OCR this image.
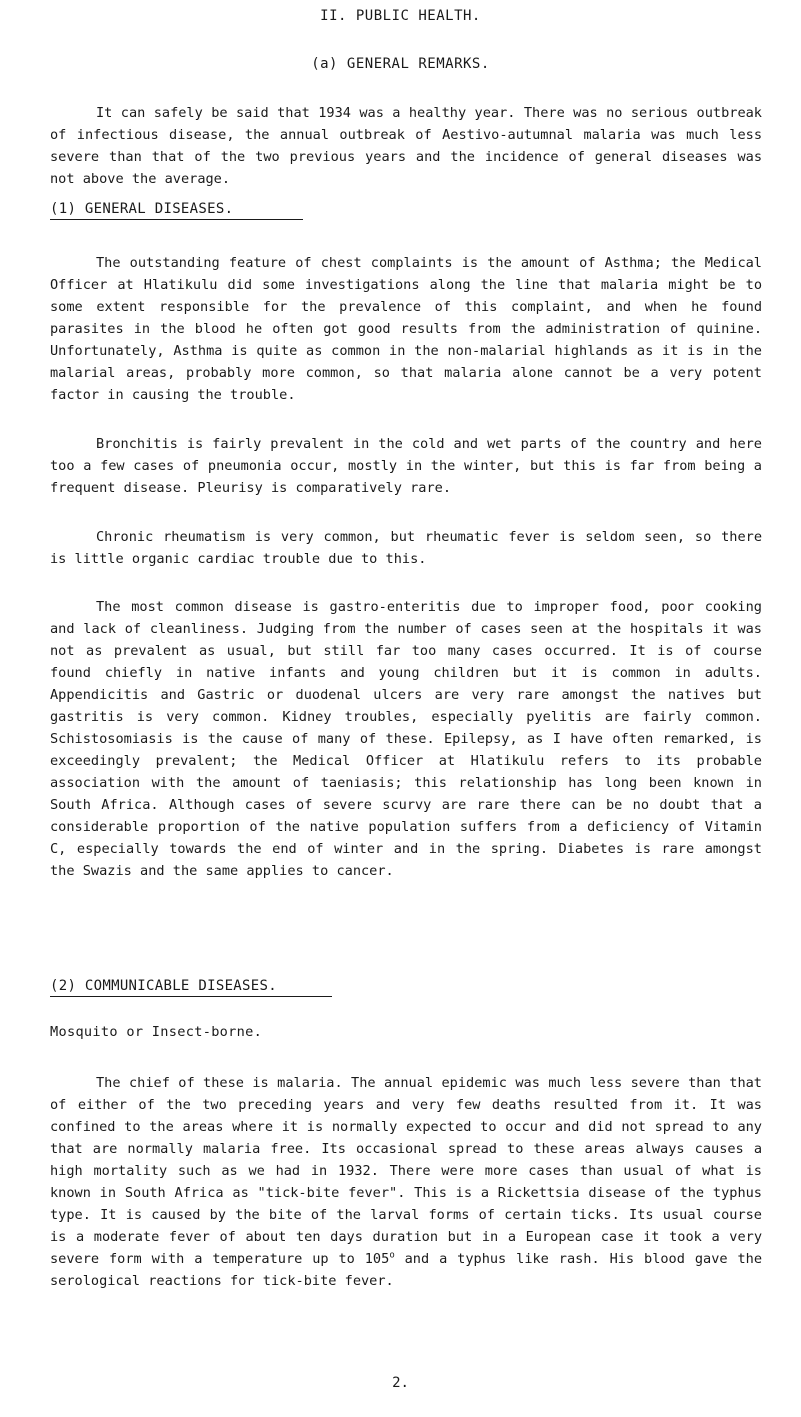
II. PUBLIC HEALTH.
(a) GENERAL REMARKS.

It can safely be said that 1934 was a healthy year. There was no serious outbreak of infectious disease, the annual outbreak of Aestivo-autumnal malaria was much less severe than that of the two previous years and the incidence of general diseases was not above the average.

(1) GENERAL DISEASES.

The outstanding feature of chest complaints is the amount of Asthma; the Medical Officer at Hlatikulu did some investigations along the line that malaria might be to some extent responsible for the prevalence of this complaint, and when he found parasites in the blood he often got good results from the administration of quinine. Unfortunately, Asthma is quite as common in the non-malarial highlands as it is in the malarial areas, probably more common, so that malaria alone cannot be a very potent factor in causing the trouble.

Bronchitis is fairly prevalent in the cold and wet parts of the country and here too a few cases of pneumonia occur, mostly in the winter, but this is far from being a frequent disease. Pleurisy is comparatively rare.

Chronic rheumatism is very common, but rheumatic fever is seldom seen, so there is little organic cardiac trouble due to this.

The most common disease is gastro-enteritis due to improper food, poor cooking and lack of cleanliness. Judging from the number of cases seen at the hospitals it was not as prevalent as usual, but still far too many cases occurred. It is of course found chiefly in native infants and young children but it is common in adults. Appendicitis and Gastric or duodenal ulcers are very rare amongst the natives but gastritis is very common. Kidney troubles, especially pyelitis are fairly common. Schistosomiasis is the cause of many of these. Epilepsy, as I have often remarked, is exceedingly prevalent; the Medical Officer at Hlatikulu refers to its probable association with the amount of taeniasis; this relationship has long been known in South Africa. Although cases of severe scurvy are rare there can be no doubt that a considerable proportion of the native population suffers from a deficiency of Vitamin C, especially towards the end of winter and in the spring. Diabetes is rare amongst the Swazis and the same applies to cancer.

(2) COMMUNICABLE DISEASES.
Mosquito or Insect-borne.

The chief of these is malaria. The annual epidemic was much less severe than that of either of the two preceding years and very few deaths resulted from it. It was confined to the areas where it is normally expected to occur and did not spread to any that are normally malaria free. Its occasional spread to these areas always causes a high mortality such as we had in 1932. There were more cases than usual of what is known in South Africa as "tick-bite fever". This is a Rickettsia disease of the typhus type. It is caused by the bite of the larval forms of certain ticks. Its usual course is a moderate fever of about ten days duration but in a European case it took a very severe form with a temperature up to 105$^o$ and a typhus like rash. His blood gave the serological reactions for tick-bite fever.

2.
